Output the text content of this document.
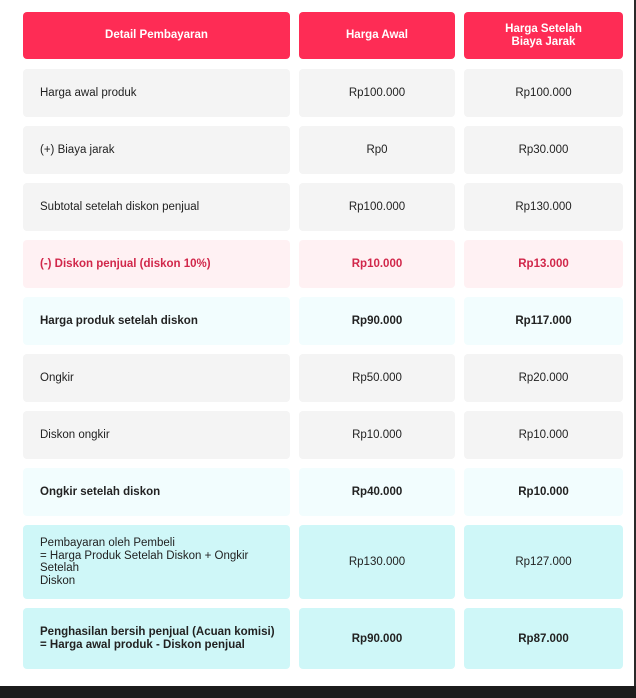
Detail Pembayaran	Harga Awal	Harga Setelah
Biaya Jarak
Harga awal produk	Rp100.000	Rp100.000
(+) Biaya jarak	Rp0	Rp30.000
Subtotal setelah diskon penjual	Rp100.000	Rp130.000
(-) Diskon penjual (diskon 10%)	Rp10.000	Rp13.000
Harga produk setelah diskon	Rp90.000	Rp117.000
Ongkir	Rp50.000	Rp20.000
Diskon ongkir	Rp10.000	Rp10.000
Ongkir setelah diskon	Rp40.000	Rp10.000
Pembayaran oleh Pembeli
= Harga Produk Setelah Diskon + Ongkir Setelah
Diskon
Rp130.000	Rp127.000
Penghasilan bersih penjual (Acuan komisi)
= Harga awal produk - Diskon penjual	Rp90.000	Rp87.000
